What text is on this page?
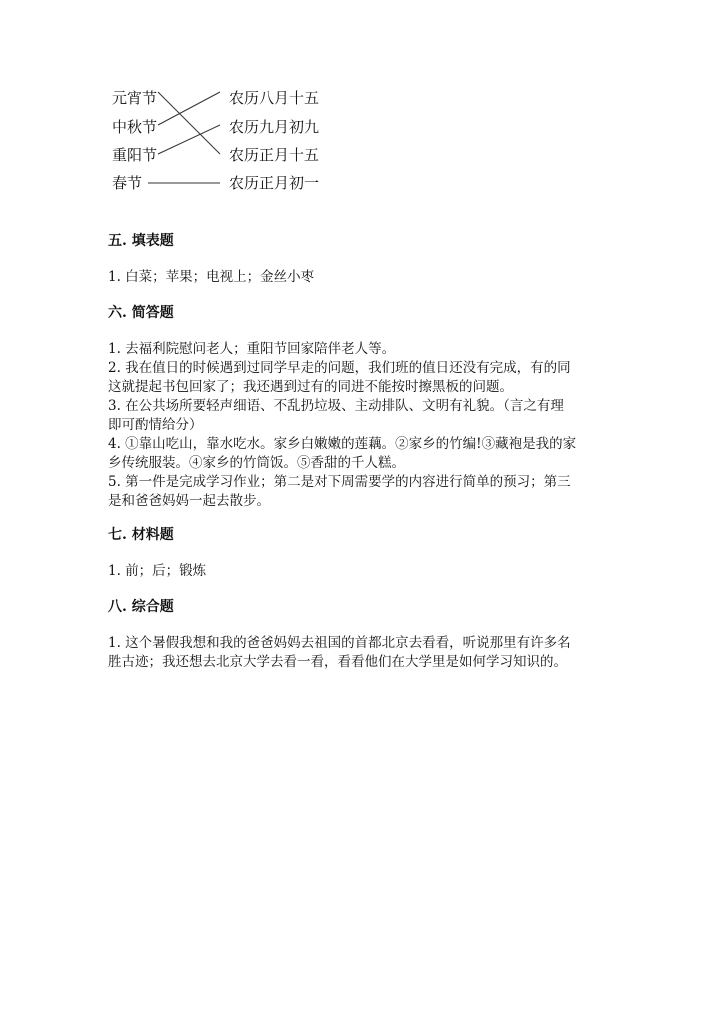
元宵节
中秋节
重阳节
春节
农历八月十五
农历九月初九
农历正月十五
农历正月初一

五. 填表题

1. 白菜；苹果；电视上；金丝小枣

六. 简答题

1. 去福利院慰问老人；重阳节回家陪伴老人等。

2. 我在值日的时候遇到过同学早走的问题，我们班的值日还没有完成，有的同

这就提起书包回家了；我还遇到过有的同进不能按时擦黑板的问题。

3. 在公共场所要轻声细语、不乱扔垃圾、主动排队、文明有礼貌。（言之有理

即可酌情给分）

4. ①靠山吃山，靠水吃水。家乡白嫩嫩的莲藕。②家乡的竹编!③藏袍是我的家

乡传统服装。④家乡的竹筒饭。⑤香甜的千人糕。

5. 第一件是完成学习作业；第二是对下周需要学的内容进行简单的预习；第三

是和爸爸妈妈一起去散步。

七. 材料题

1. 前；后；锻炼

八. 综合题

1. 这个暑假我想和我的爸爸妈妈去祖国的首都北京去看看，听说那里有许多名

胜古迹；我还想去北京大学去看一看，看看他们在大学里是如何学习知识的。
